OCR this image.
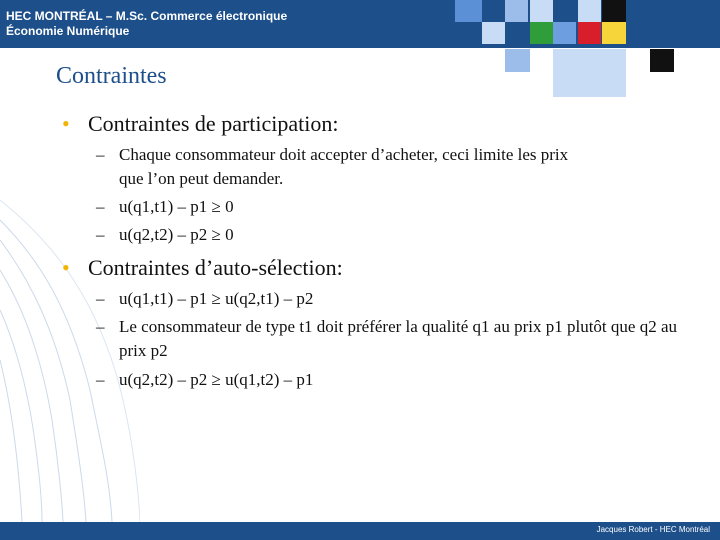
HEC MONTRÉAL – M.Sc. Commerce électronique
Économie Numérique
Contraintes
• Contraintes de participation:
– Chaque consommateur doit accepter d’acheter, ceci limite les prix
que l’on peut demander.
– u(q1,t1) – p1 ≥ 0
– u(q2,t2) – p2 ≥ 0
• Contraintes d’auto-sélection:
– u(q1,t1) – p1 ≥ u(q2,t1) – p2
– Le consommateur de type t1 doit préférer la qualité q1 au prix p1 plutôt que q2 au prix p2
– u(q2,t2) – p2 ≥ u(q1,t2) – p1
Jacques Robert - HEC Montréal
